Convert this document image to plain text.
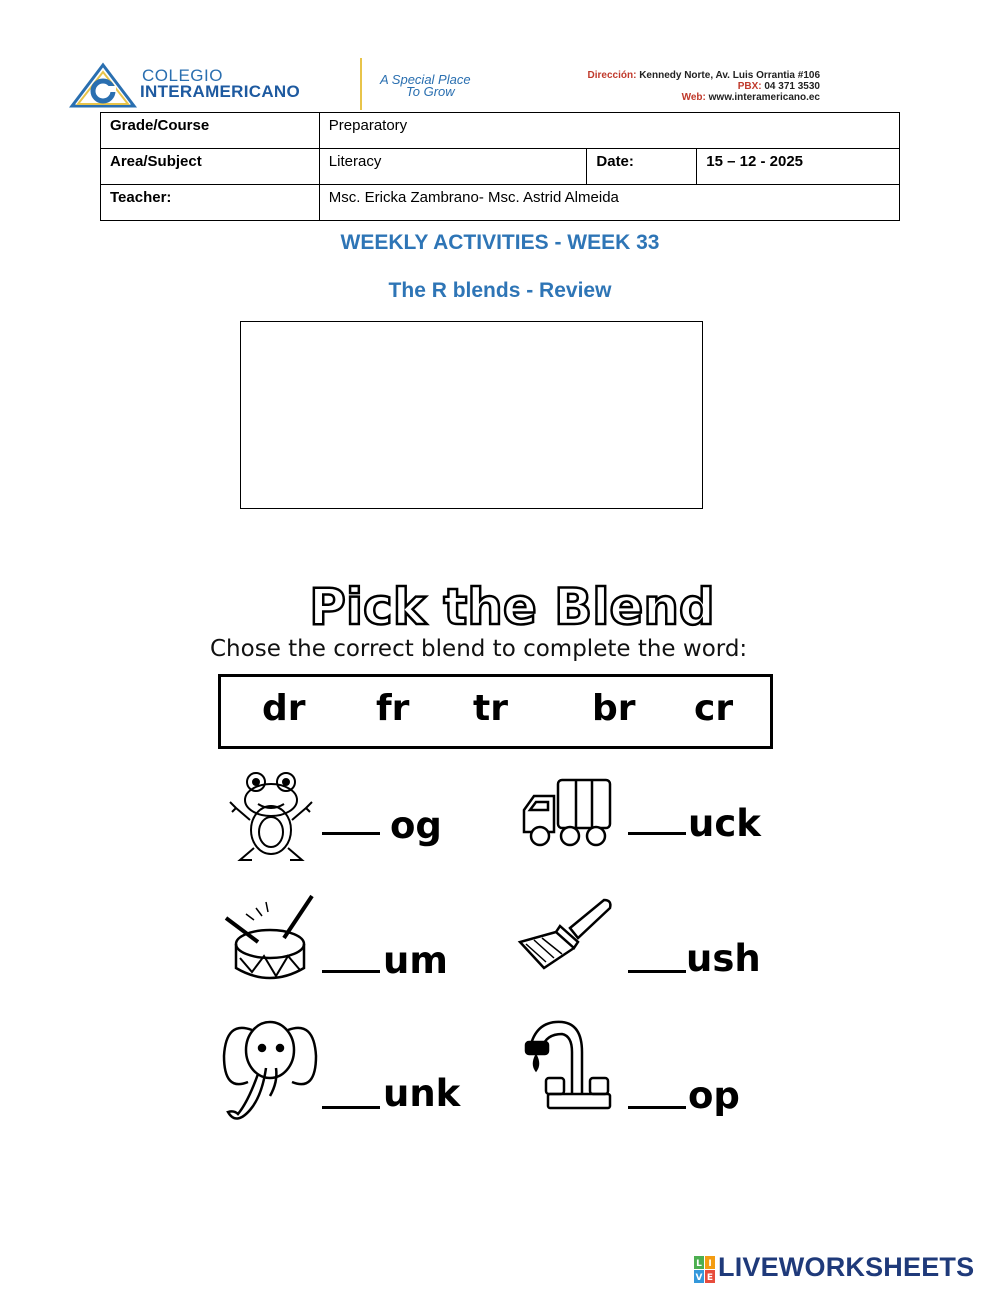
COLEGIO
INTERAMERICANO
A Special Place
To Grow
Dirección: Kennedy Norte, Av. Luis Orrantia #106
PBX: 04 371 3530
Web: www.interamericano.ec
Grade/Course	Preparatory		
Area/Subject	Literacy	Date:	15 – 12 - 2025
Teacher:	Msc. Ericka Zambrano- Msc. Astrid Almeida		
WEEKLY ACTIVITIES - WEEK 33
The R blends - Review
Pick the Blend
Chose the correct blend to complete the word:
dr fr tr br cr
og	uck
um	ush
unk	op
L I
V E LIVEWORKSHEETS
